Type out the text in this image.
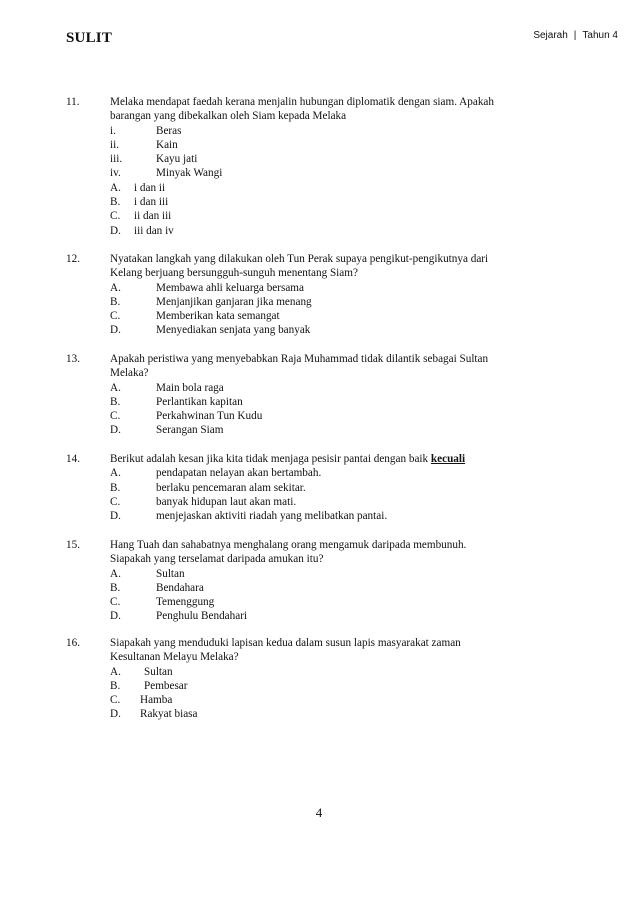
SULIT	Sejarah | Tahun 4
11.	Melaka mendapat faedah kerana menjalin hubungan diplomatik dengan siam. Apakah
barangan yang dibekalkan oleh Siam kepada Melaka
i.	Beras
ii.	Kain
iii.	Kayu jati
iv.	Minyak Wangi
A.	i dan ii
B.	i dan iii
C.	ii dan iii
D.	iii dan iv
12.	Nyatakan langkah yang dilakukan oleh Tun Perak supaya pengikut-pengikutnya dari
Kelang berjuang bersungguh-sunguh menentang Siam?
A.	Membawa ahli keluarga bersama
B.	Menjanjikan ganjaran jika menang
C.	Memberikan kata semangat
D.	Menyediakan senjata yang banyak
13.	Apakah peristiwa yang menyebabkan Raja Muhammad tidak dilantik sebagai Sultan
Melaka?
A.	Main bola raga
B.	Perlantikan kapitan
C.	Perkahwinan Tun Kudu
D.	Serangan Siam
14.	Berikut adalah kesan jika kita tidak menjaga pesisir pantai dengan baik kecuali
A.	pendapatan nelayan akan bertambah.
B.	berlaku pencemaran alam sekitar.
C.	banyak hidupan laut akan mati.
D.	menjejaskan aktiviti riadah yang melibatkan pantai.
15.	Hang Tuah dan sahabatnya menghalang orang mengamuk daripada membunuh.
Siapakah yang terselamat daripada amukan itu?
A.	Sultan
B.	Bendahara
C.	Temenggung
D.	Penghulu Bendahari
16.	Siapakah yang menduduki lapisan kedua dalam susun lapis masyarakat zaman
Kesultanan Melayu Melaka?
A.	Sultan
B.	Pembesar
C.	Hamba
D.	Rakyat biasa
4
